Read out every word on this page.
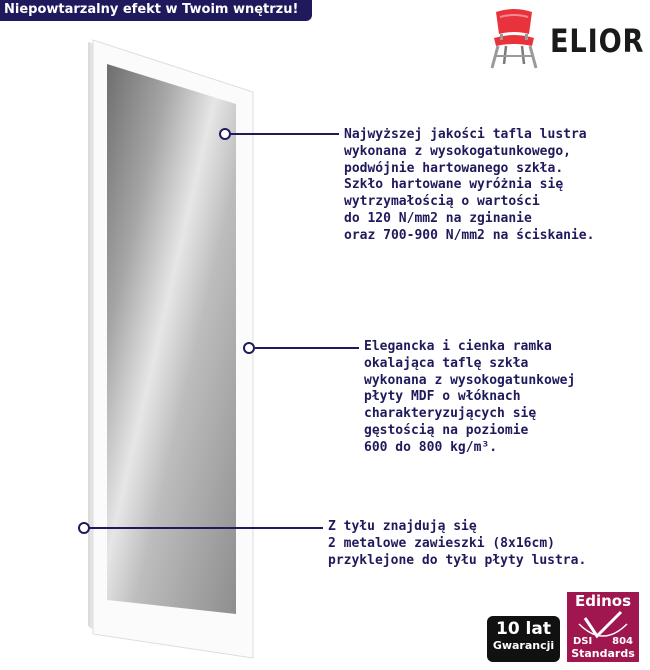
Niepowtarzalny efekt w Twoim wnętrzu!
ELIOR
Najwyższej jakości tafla lustra
wykonana z wysokogatunkowego,
podwójnie hartowanego szkła.
Szkło hartowane wyróżnia się
wytrzymałością o wartości
do 120 N/mm2 na zginanie
oraz 700-900 N/mm2 na ściskanie.
Elegancka i cienka ramka
okalająca taflę szkła
wykonana z wysokogatunkowej
płyty MDF o włóknach
charakteryzujących się
gęstością na poziomie
600 do 800 kg/m³.
Z tyłu znajdują się
2 metalowe zawieszki (8x16cm)
przyklejone do tyłu płyty lustra.
10 lat
Gwarancji
Edinos
DSI 804
Standards
